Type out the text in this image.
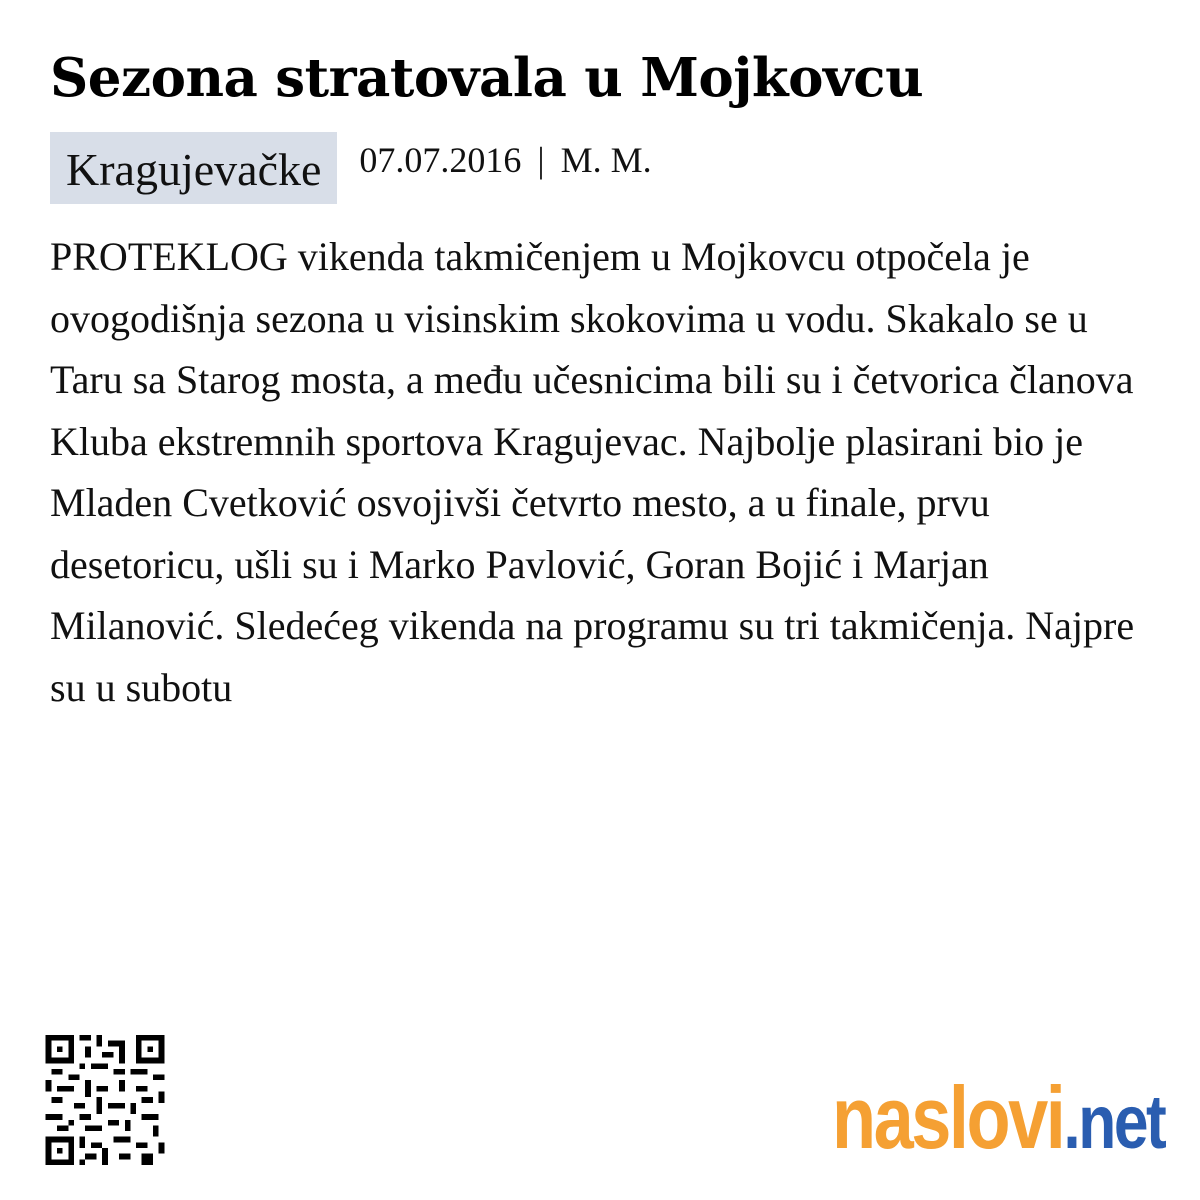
Sezona stratovala u Mojkovcu
Kragujevačke	07.07.2016 | M. M.

PROTEKLOG vikenda takmičenjem u Mojkovcu otpočela je ovogodišnja sezona u visinskim skokovima u vodu. Skakalo se u Taru sa Starog mosta, a među učesnicima bili su i četvorica članova Kluba ekstremnih sportova Kragujevac. Najbolje plasirani bio je Mladen Cvetković osvojivši četvrto mesto, a u finale, prvu desetoricu, ušli su i Marko Pavlović, Goran Bojić i Marjan Milanović. Sledećeg vikenda na programu su tri takmičenja. Najpre su u subotu

naslovi.net
